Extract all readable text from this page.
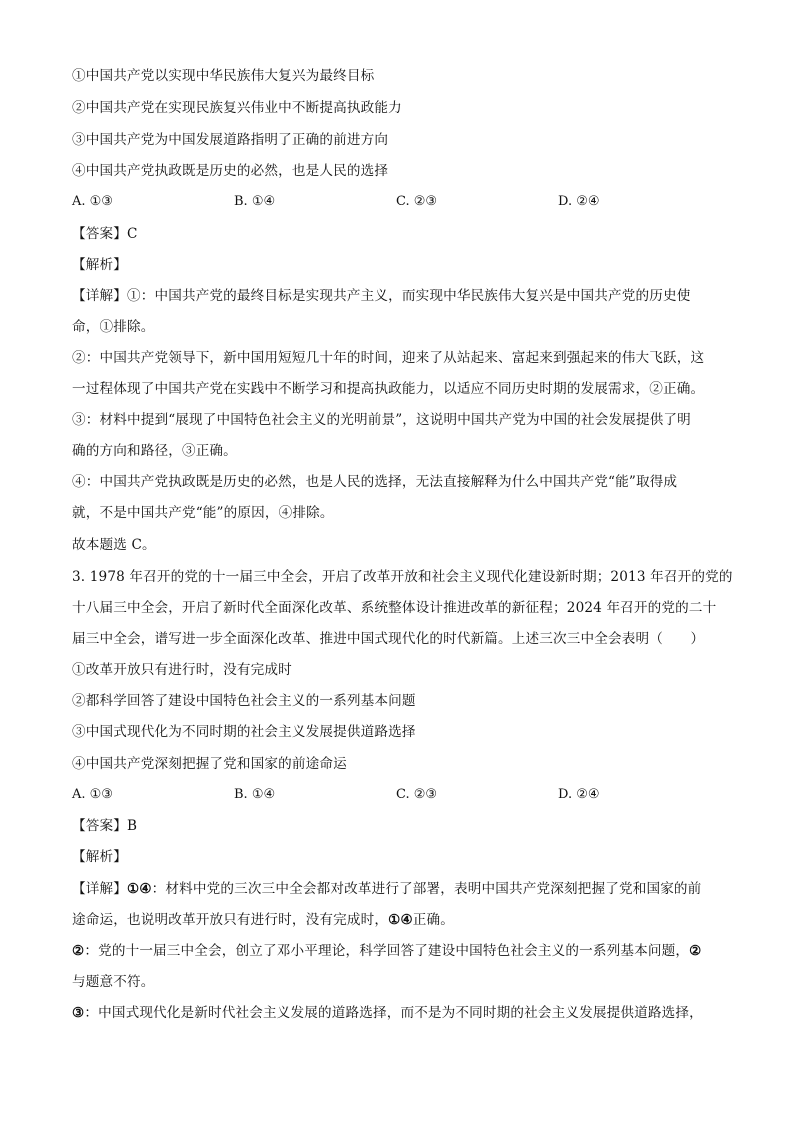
①中国共产党以实现中华民族伟大复兴为最终目标
②中国共产党在实现民族复兴伟业中不断提高执政能力
③中国共产党为中国发展道路指明了正确的前进方向
④中国共产党执政既是历史的必然，也是人民的选择
A. ①③	B. ①④	C. ②③	D. ②④
【答案】C
【解析】
【详解】①：中国共产党的最终目标是实现共产主义，而实现中华民族伟大复兴是中国共产党的历史使
命，①排除。
②：中国共产党领导下，新中国用短短几十年的时间，迎来了从站起来、富起来到强起来的伟大飞跃，这
一过程体现了中国共产党在实践中不断学习和提高执政能力，以适应不同历史时期的发展需求，②正确。
③：材料中提到“展现了中国特色社会主义的光明前景”，这说明中国共产党为中国的社会发展提供了明
确的方向和路径，③正确。
④：中国共产党执政既是历史的必然，也是人民的选择，无法直接解释为什么中国共产党“能”取得成
就，不是中国共产党“能”的原因，④排除。
故本题选 C。
3. 1978 年召开的党的十一届三中全会，开启了改革开放和社会主义现代化建设新时期；2013 年召开的党的
十八届三中全会，开启了新时代全面深化改革、系统整体设计推进改革的新征程；2024 年召开的党的二十
届三中全会，谱写进一步全面深化改革、推进中国式现代化的时代新篇。上述三次三中全会表明（　　）
①改革开放只有进行时，没有完成时
②都科学回答了建设中国特色社会主义的一系列基本问题
③中国式现代化为不同时期的社会主义发展提供道路选择
④中国共产党深刻把握了党和国家的前途命运
A. ①③	B. ①④	C. ②③	D. ②④
【答案】B
【解析】
【详解】①④：材料中党的三次三中全会都对改革进行了部署，表明中国共产党深刻把握了党和国家的前
途命运，也说明改革开放只有进行时，没有完成时，①④正确。
②：党的十一届三中全会，创立了邓小平理论，科学回答了建设中国特色社会主义的一系列基本问题，②
与题意不符。
③：中国式现代化是新时代社会主义发展的道路选择，而不是为不同时期的社会主义发展提供道路选择，
